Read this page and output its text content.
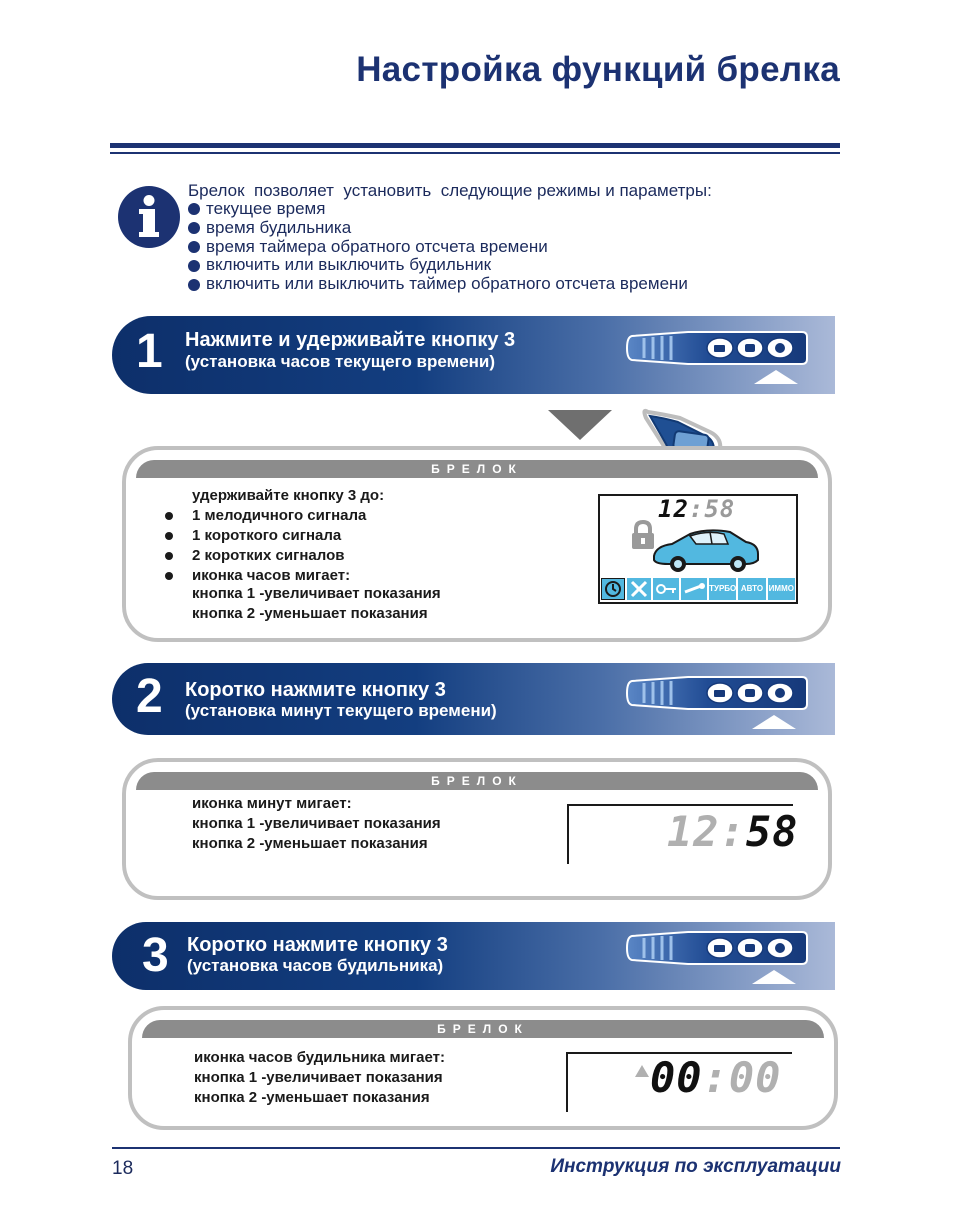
Настройка функций брелка
Брелок  позволяет  установить  следующие режимы и параметры:
текущее время
время будильника
время таймера обратного отсчета времени
включить или выключить будильник
включить или выключить таймер обратного отсчета времени
1 Нажмите и удерживайте кнопку 3
(установка часов текущего времени)
БРЕЛОК
удерживайте кнопку 3 до:
1 мелодичного сигнала
1 короткого сигнала
2 коротких сигналов
иконка часов мигает:
кнопка 1 -увеличивает показания
кнопка 2 -уменьшает показания
12:58
ТУРБО АВТО ИММО
2 Коротко нажмите кнопку 3
(установка минут текущего времени)
БРЕЛОК
иконка минут мигает:
кнопка 1 -увеличивает показания
кнопка 2 -уменьшает показания	12:58
3 Коротко нажмите кнопку 3
(установка часов будильника)
БРЕЛОК
иконка часов будильника мигает:
кнопка 1 -увеличивает показания
кнопка 2 -уменьшает показания	00:00
18	Инструкция по эксплуатации
